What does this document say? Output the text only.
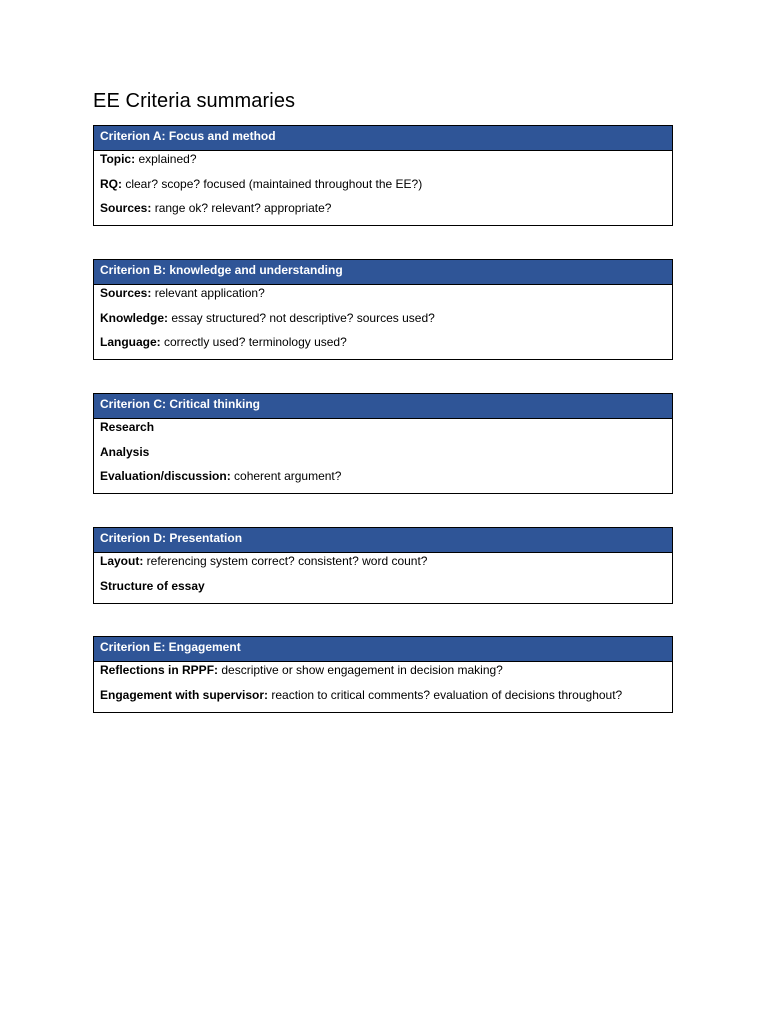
EE Criteria summaries
Criterion A: Focus and method
Topic: explained?
RQ: clear? scope? focused (maintained throughout the EE?)
Sources: range ok? relevant? appropriate?
Criterion B: knowledge and understanding
Sources: relevant application?
Knowledge: essay structured? not descriptive? sources used?
Language: correctly used? terminology used?
Criterion C: Critical thinking
Research
Analysis
Evaluation/discussion: coherent argument?
Criterion D: Presentation
Layout: referencing system correct? consistent? word count?
Structure of essay
Criterion E: Engagement
Reflections in RPPF: descriptive or show engagement in decision making?
Engagement with supervisor: reaction to critical comments? evaluation of decisions throughout?
